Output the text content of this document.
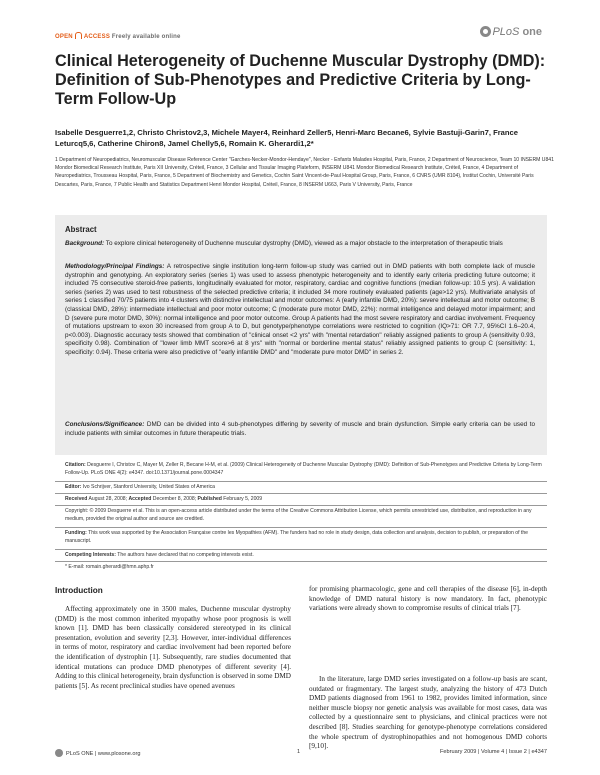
OPEN ACCESS Freely available online	PLoS one
Clinical Heterogeneity of Duchenne Muscular Dystrophy (DMD): Definition of Sub-Phenotypes and Predictive Criteria by Long-Term Follow-Up
Isabelle Desguerre1,2, Christo Christov2,3, Michele Mayer4, Reinhard Zeller5, Henri-Marc Becane6, Sylvie Bastuji-Garin7, France Leturcq5,6, Catherine Chiron8, Jamel Chelly5,6, Romain K. Gherardi1,2*
1 Department of Neuropediatrics, Neuromuscular Disease Reference Center "Garches-Necker-Mondor-Hendaye", Necker - Enfants Malades Hospital, Paris, France, 2 Department of Neuroscience, Team 10 INSERM U841 Mondor Biomedical Research Institute, Paris XII University, Créteil, France, 3 Cellular and Tissular Imaging Plateform, INSERM U841 Mondor Biomedical Research Institute, Créteil, France, 4 Department of Neuropediatrics, Trousseau Hospital, Paris, France, 5 Department of Biochemistry and Genetics, Cochin Saint Vincent-de-Paul Hospital Group, Paris, France, 6 CNRS (UMR 8104), Institut Cochin, Université Paris Descartes, Paris, France, 7 Public Health and Statistics Department Henri Mondor Hospital, Créteil, France, 8 INSERM U663, Paris V University, Paris, France
Abstract

Background: To explore clinical heterogeneity of Duchenne muscular dystrophy (DMD), viewed as a major obstacle to the interpretation of therapeutic trials

Methodology/Principal Findings: A retrospective single institution long-term follow-up study was carried out in DMD patients with both complete lack of muscle dystrophin and genotyping. An exploratory series (series 1) was used to assess phenotypic heterogeneity and to identify early criteria predicting future outcome; it included 75 consecutive steroid-free patients, longitudinally evaluated for motor, respiratory, cardiac and cognitive functions (median follow-up: 10.5 yrs). A validation series (series 2) was used to test robustness of the selected predictive criteria; it included 34 more routinely evaluated patients (age>12 yrs). Multivariate analysis of series 1 classified 70/75 patients into 4 clusters with distinctive intellectual and motor outcomes: A (early infantile DMD, 20%): severe intellectual and motor outcome; B (classical DMD, 28%): intermediate intellectual and poor motor outcome; C (moderate pure motor DMD, 22%): normal intelligence and delayed motor impairment; and D (severe pure motor DMD, 30%): normal intelligence and poor motor outcome. Group A patients had the most severe respiratory and cardiac involvement. Frequency of mutations upstream to exon 30 increased from group A to D, but genotype/phenotype correlations were restricted to cognition (IQ>71: OR 7.7, 95%CI 1.6–20.4, p<0.003). Diagnostic accuracy tests showed that combination of "clinical onset <2 yrs" with "mental retardation" reliably assigned patients to group A (sensitivity 0.93, specificity 0.98). Combination of "lower limb MMT score>6 at 8 yrs" with "normal or borderline mental status" reliably assigned patients to group C (sensitivity: 1, specificity: 0.94). These criteria were also predictive of "early infantile DMD" and "moderate pure motor DMD" in series 2.

Conclusions/Significance: DMD can be divided into 4 sub-phenotypes differing by severity of muscle and brain dysfunction. Simple early criteria can be used to include patients with similar outcomes in future therapeutic trials.

Citation: Desguerre I, Christov C, Mayer M, Zeller R, Becane H-M, et al. (2009) Clinical Heterogeneity of Duchenne Muscular Dystrophy (DMD): Definition of Sub-Phenotypes and Predictive Criteria by Long-Term Follow-Up. PLoS ONE 4(2): e4347. doi:10.1371/journal.pone.0004347

Editor: Ivo Schrijver, Stanford University, United States of America

Received August 28, 2008; Accepted December 8, 2008; Published February 5, 2009

Copyright: © 2009 Desguerre et al. This is an open-access article distributed under the terms of the Creative Commons Attribution License, which permits unrestricted use, distribution, and reproduction in any medium, provided the original author and source are credited.

Funding: This work was supported by the Association Française contre les Myopathies (AFM). The funders had no role in study design, data collection and analysis, decision to publish, or preparation of the manuscript.

Competing Interests: The authors have declared that no competing interests exist.

* E-mail: romain.gherardi@hmn.aphp.fr

Introduction

Affecting approximately one in 3500 males, Duchenne muscular dystrophy (DMD) is the most common inherited myopathy whose poor prognosis is well known [1]. DMD has been classically considered stereotyped in its clinical presentation, evolution and severity [2,3]. However, inter-individual differences in terms of motor, respiratory and cardiac involvement had been reported before the identification of dystrophin [1]. Subsequently, rare studies documented that identical mutations can produce DMD phenotypes of different severity [4]. Adding to this clinical heterogeneity, brain dysfunction is observed in some DMD patients [5]. As recent preclinical studies have opened avenues

for promising pharmacologic, gene and cell therapies of the disease [6], in-depth knowledge of DMD natural history is now mandatory. In fact, phenotypic variations were already shown to compromise results of clinical trials [7].

In the literature, large DMD series investigated on a follow-up basis are scant, outdated or fragmentary. The largest study, analyzing the history of 473 Dutch DMD patients diagnosed from 1961 to 1982, provides limited information, since neither muscle biopsy nor genetic analysis was available for most cases, data was collected by a questionnaire sent to physicians, and clinical practices were not described [8]. Studies searching for genotype-phenotype correlations considered the whole spectrum of dystrophinopathies and not homogenous DMD cohorts [9,10].

PLoS ONE | www.plosone.org	1	February 2009 | Volume 4 | Issue 2 | e4347
